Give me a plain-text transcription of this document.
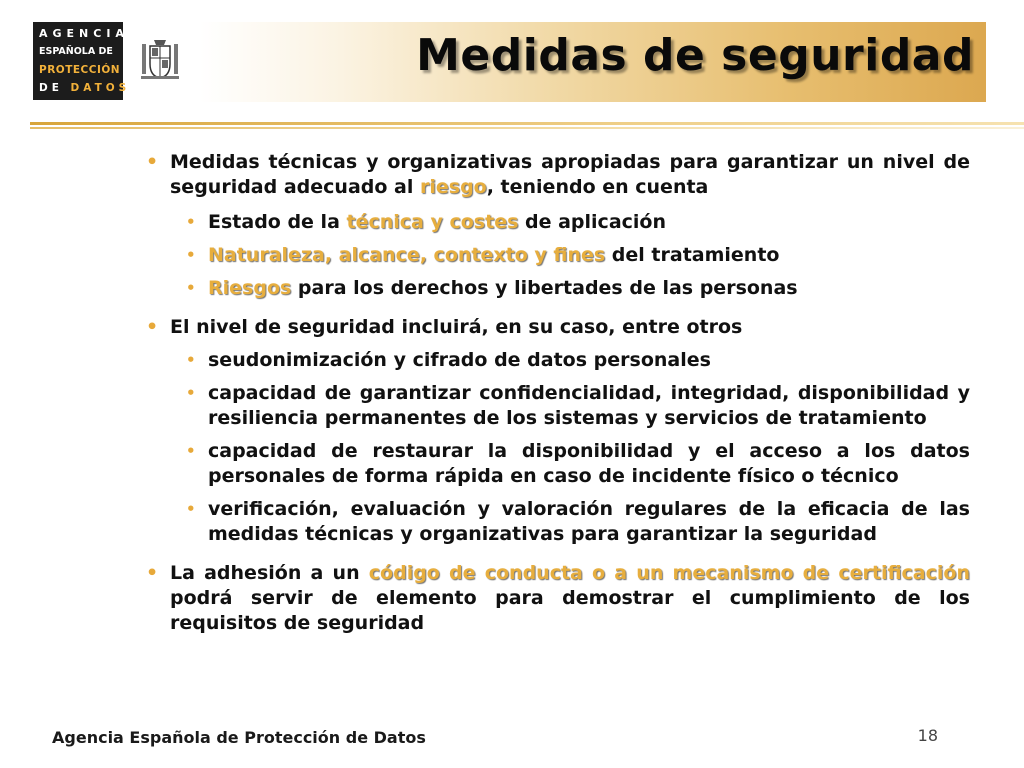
AGENCIA
ESPAÑOLA DE
PROTECCIÓN
DE DATOS
Medidas de seguridad
• Medidas técnicas y organizativas apropiadas para garantizar un nivel de seguridad adecuado al riesgo, teniendo en cuenta
• Estado de la técnica y costes de aplicación
• Naturaleza, alcance, contexto y fines del tratamiento
• Riesgos para los derechos y libertades de las personas
• El nivel de seguridad incluirá, en su caso, entre otros
• seudonimización y cifrado de datos personales
• capacidad de garantizar confidencialidad, integridad, disponibilidad y resiliencia permanentes de los sistemas y servicios de tratamiento
• capacidad de restaurar la disponibilidad y el acceso a los datos personales de forma rápida en caso de incidente físico o técnico
• verificación, evaluación y valoración regulares de la eficacia de las medidas técnicas y organizativas para garantizar la seguridad
• La adhesión a un código de conducta o a un mecanismo de certificación podrá servir de elemento para demostrar el cumplimiento de los requisitos de seguridad
Agencia Española de Protección de Datos	18
